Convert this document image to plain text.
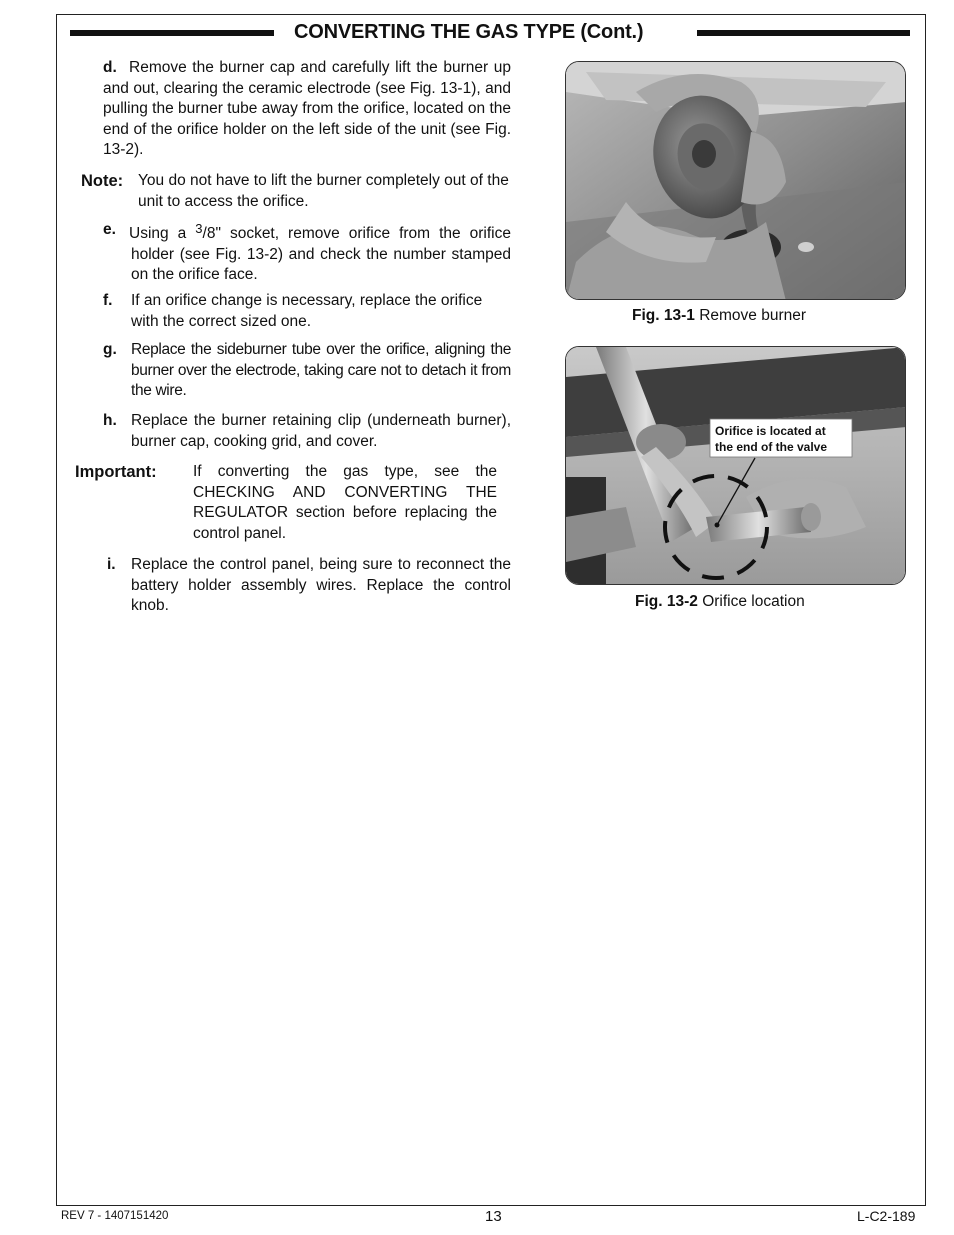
CONVERTING THE GAS TYPE (Cont.)
d. Remove the burner cap and carefully lift the burner up and out, clearing the ceramic electrode (see Fig. 13-1), and pulling the burner tube away from the orifice, located on the end of the orifice holder on the left side of the unit (see Fig. 13-2).
Note: You do not have to lift the burner completely out of the unit to access the orifice.
e. Using a $^3$/8" socket, remove orifice from the orifice holder (see Fig. 13-2) and check the number stamped on the orifice face.
f.	If an orifice change is necessary, replace the orifice with the correct sized one.
g. Replace the sideburner tube over the orifice, aligning the burner over the electrode, taking care not to detach it from the wire.
h. Replace the burner retaining clip (underneath burner), burner cap, cooking grid, and cover.
Important:	If converting the gas type, see the CHECKING AND CONVERTING THE REGULATOR section before replacing the control panel.
i. Replace the control panel, being sure to reconnect the battery holder assembly wires. Replace the control knob.
Fig. 13-1 Remove burner
Orifice is located at
the end of the valve
Fig. 13-2 Orifice location
REV 7 - 1407151420	13	L-C2-189
